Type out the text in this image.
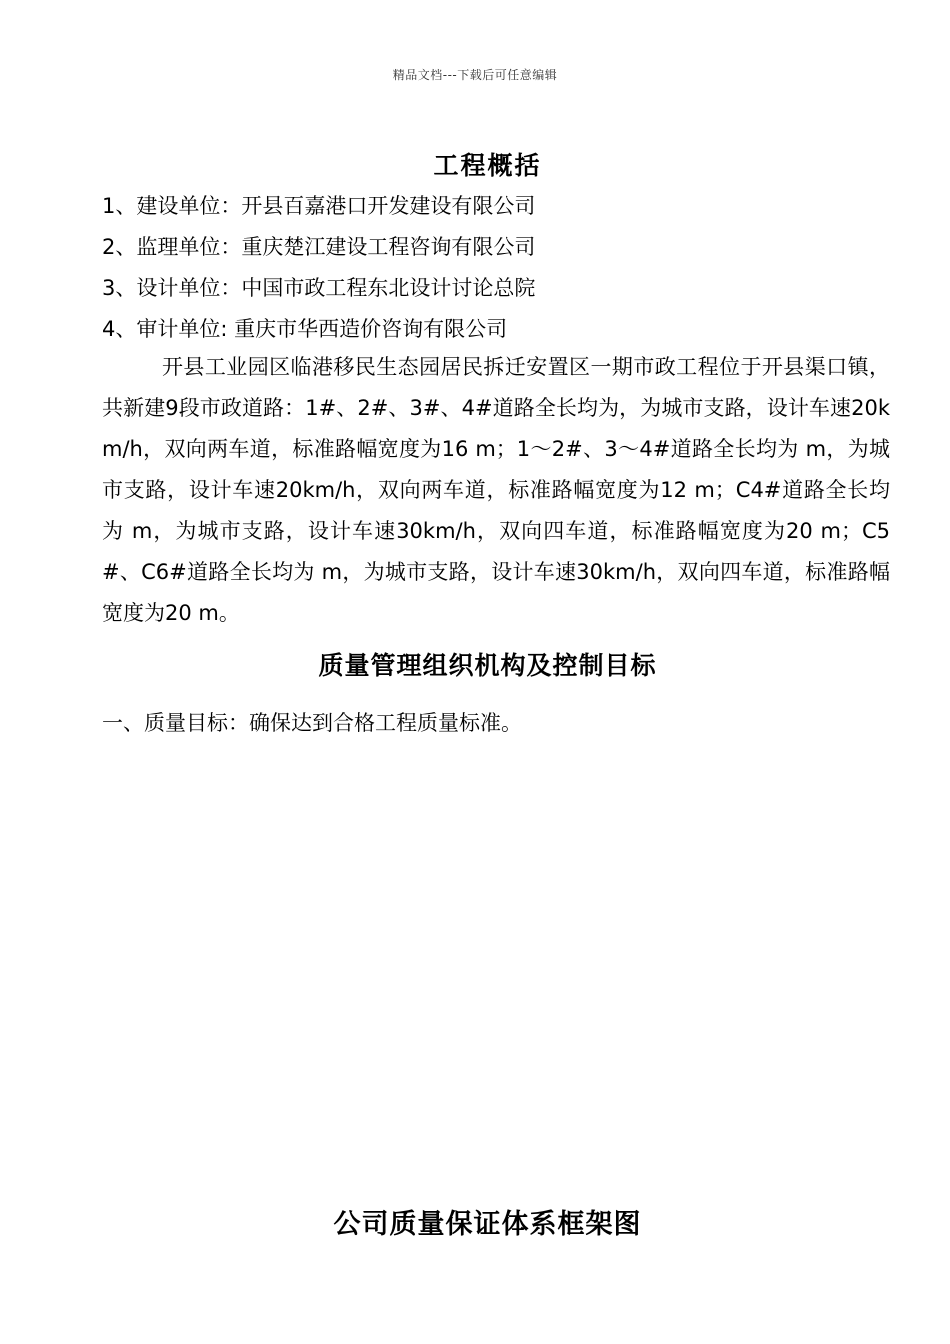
精品文档---下载后可任意编辑
工程概括
1、建设单位：开县百嘉港口开发建设有限公司
2、监理单位：重庆楚江建设工程咨询有限公司
3、设计单位：中国市政工程东北设计讨论总院
4、审计单位: 重庆市华西造价咨询有限公司
开县工业园区临港移民生态园居民拆迁安置区一期市政工程位于开县渠口镇，共新建9段市政道路：1#、2#、3#、4#道路全长均为，为城市支路，设计车速20km/h，双向两车道，标准路幅宽度为16 m；1～2#、3～4#道路全长均为 m，为城市支路，设计车速20km/h，双向两车道，标准路幅宽度为12 m；C4#道路全长均为 m，为城市支路，设计车速30km/h，双向四车道，标准路幅宽度为20 m；C5#、C6#道路全长均为 m，为城市支路，设计车速30km/h，双向四车道，标准路幅宽度为20 m。
质量管理组织机构及控制目标
一、质量目标：确保达到合格工程质量标准。
公司质量保证体系框架图
